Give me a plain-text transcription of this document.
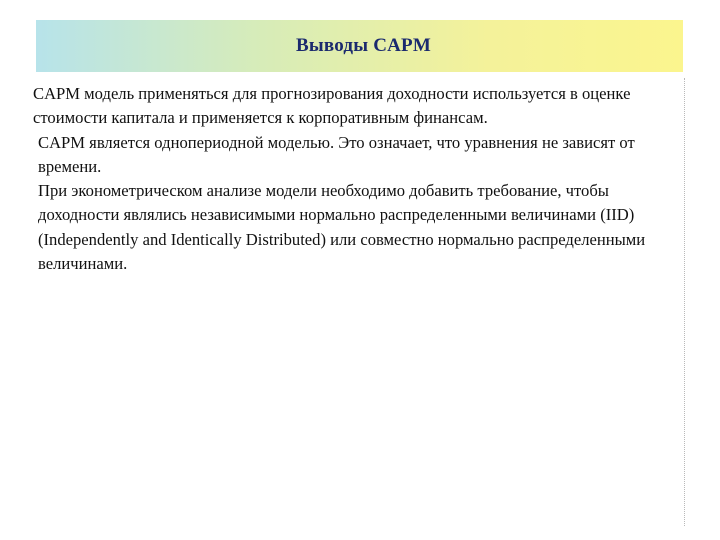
Выводы CAPM

CAPM модель применяться для прогнозирования доходности используется в оценке стоимости капитала и применяется к корпоративным финансам.

CAPM является однопериодной моделью. Это означает, что уравнения не зависят от времени.

При эконометрическом анализе модели необходимо добавить требование, чтобы доходности являлись независимыми нормально распределенными величинами (IID) (Independently and Identically Distributed) или совместно нормально распределенными величинами.
